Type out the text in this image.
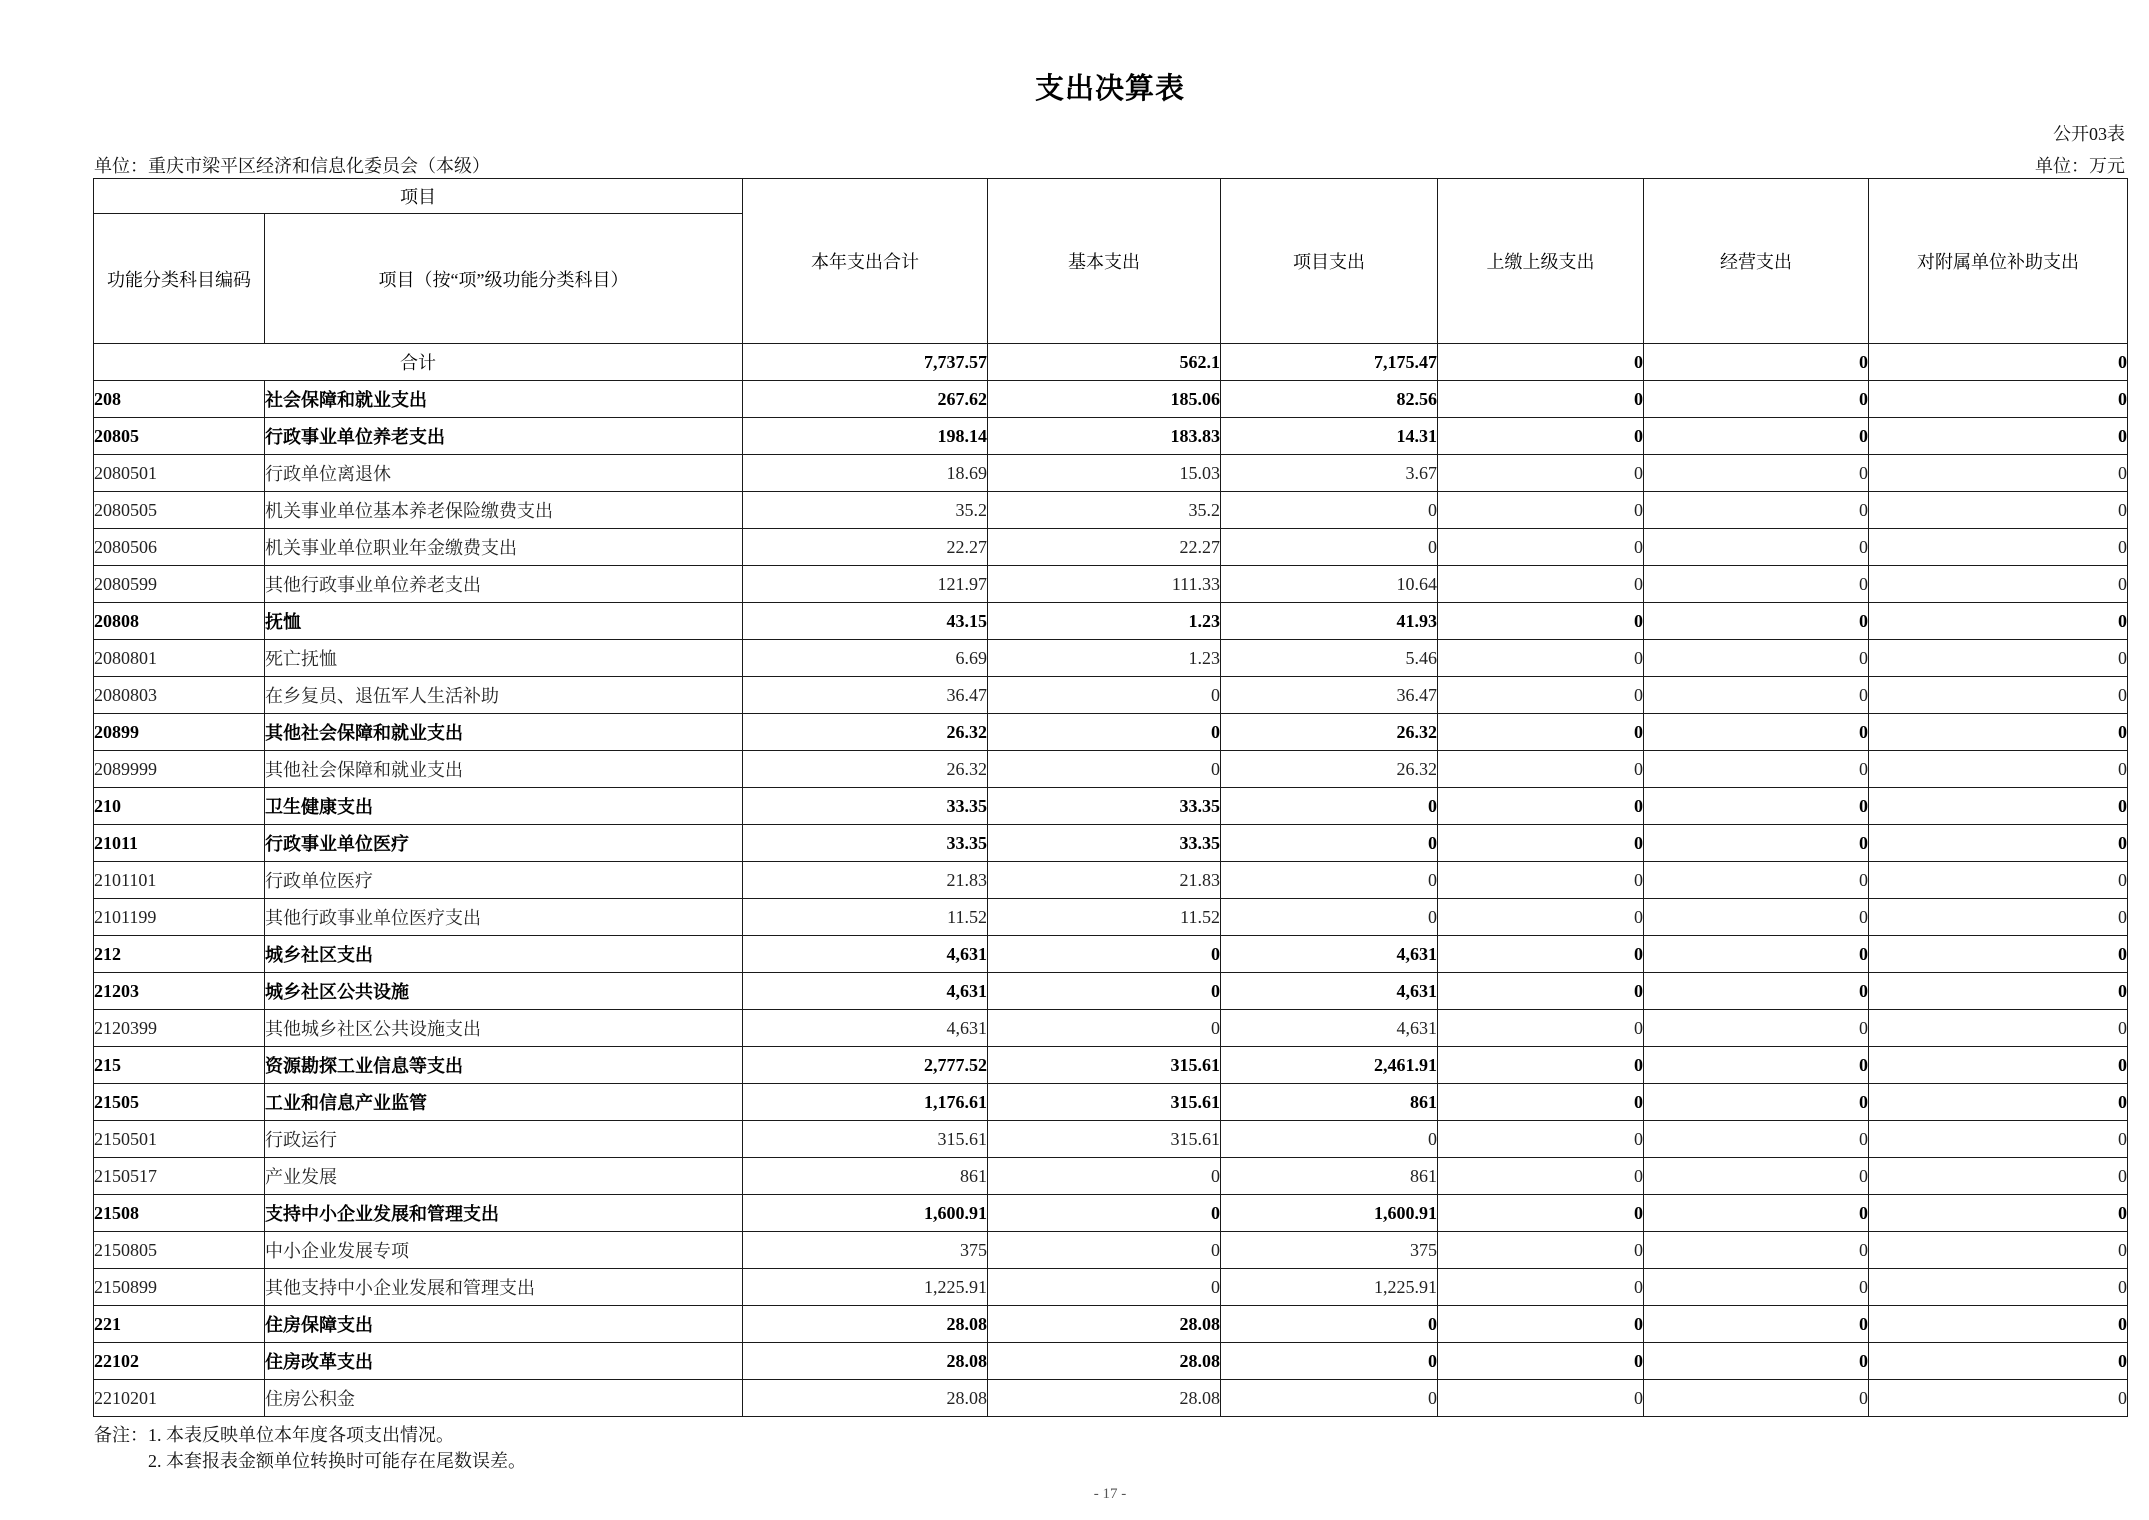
支出决算表
公开03表
单位：重庆市梁平区经济和信息化委员会（本级）	单位：万元
项目		本年支出合计	基本支出	项目支出	上缴上级支出	经营支出	对附属单位补助支出
功能分类科目编码	项目（按“项”级功能分类科目）						
合计		7,737.57	562.1	7,175.47	0	0	0
208	社会保障和就业支出	267.62	185.06	82.56	0	0	0
20805	行政事业单位养老支出	198.14	183.83	14.31	0	0	0
2080501	行政单位离退休	18.69	15.03	3.67	0	0	0
2080505	机关事业单位基本养老保险缴费支出	35.2	35.2	0	0	0	0
2080506	机关事业单位职业年金缴费支出	22.27	22.27	0	0	0	0
2080599	其他行政事业单位养老支出	121.97	111.33	10.64	0	0	0
20808	抚恤	43.15	1.23	41.93	0	0	0
2080801	死亡抚恤	6.69	1.23	5.46	0	0	0
2080803	在乡复员、退伍军人生活补助	36.47	0	36.47	0	0	0
20899	其他社会保障和就业支出	26.32	0	26.32	0	0	0
2089999	其他社会保障和就业支出	26.32	0	26.32	0	0	0
210	卫生健康支出	33.35	33.35	0	0	0	0
21011	行政事业单位医疗	33.35	33.35	0	0	0	0
2101101	行政单位医疗	21.83	21.83	0	0	0	0
2101199	其他行政事业单位医疗支出	11.52	11.52	0	0	0	0
212	城乡社区支出	4,631	0	4,631	0	0	0
21203	城乡社区公共设施	4,631	0	4,631	0	0	0
2120399	其他城乡社区公共设施支出	4,631	0	4,631	0	0	0
215	资源勘探工业信息等支出	2,777.52	315.61	2,461.91	0	0	0
21505	工业和信息产业监管	1,176.61	315.61	861	0	0	0
2150501	行政运行	315.61	315.61	0	0	0	0
2150517	产业发展	861	0	861	0	0	0
21508	支持中小企业发展和管理支出	1,600.91	0	1,600.91	0	0	0
2150805	中小企业发展专项	375	0	375	0	0	0
2150899	其他支持中小企业发展和管理支出	1,225.91	0	1,225.91	0	0	0
221	住房保障支出	28.08	28.08	0	0	0	0
22102	住房改革支出	28.08	28.08	0	0	0	0
2210201	住房公积金	28.08	28.08	0	0	0	0
备注：1. 本表反映单位本年度各项支出情况。
2. 本套报表金额单位转换时可能存在尾数误差。
- 17 -
